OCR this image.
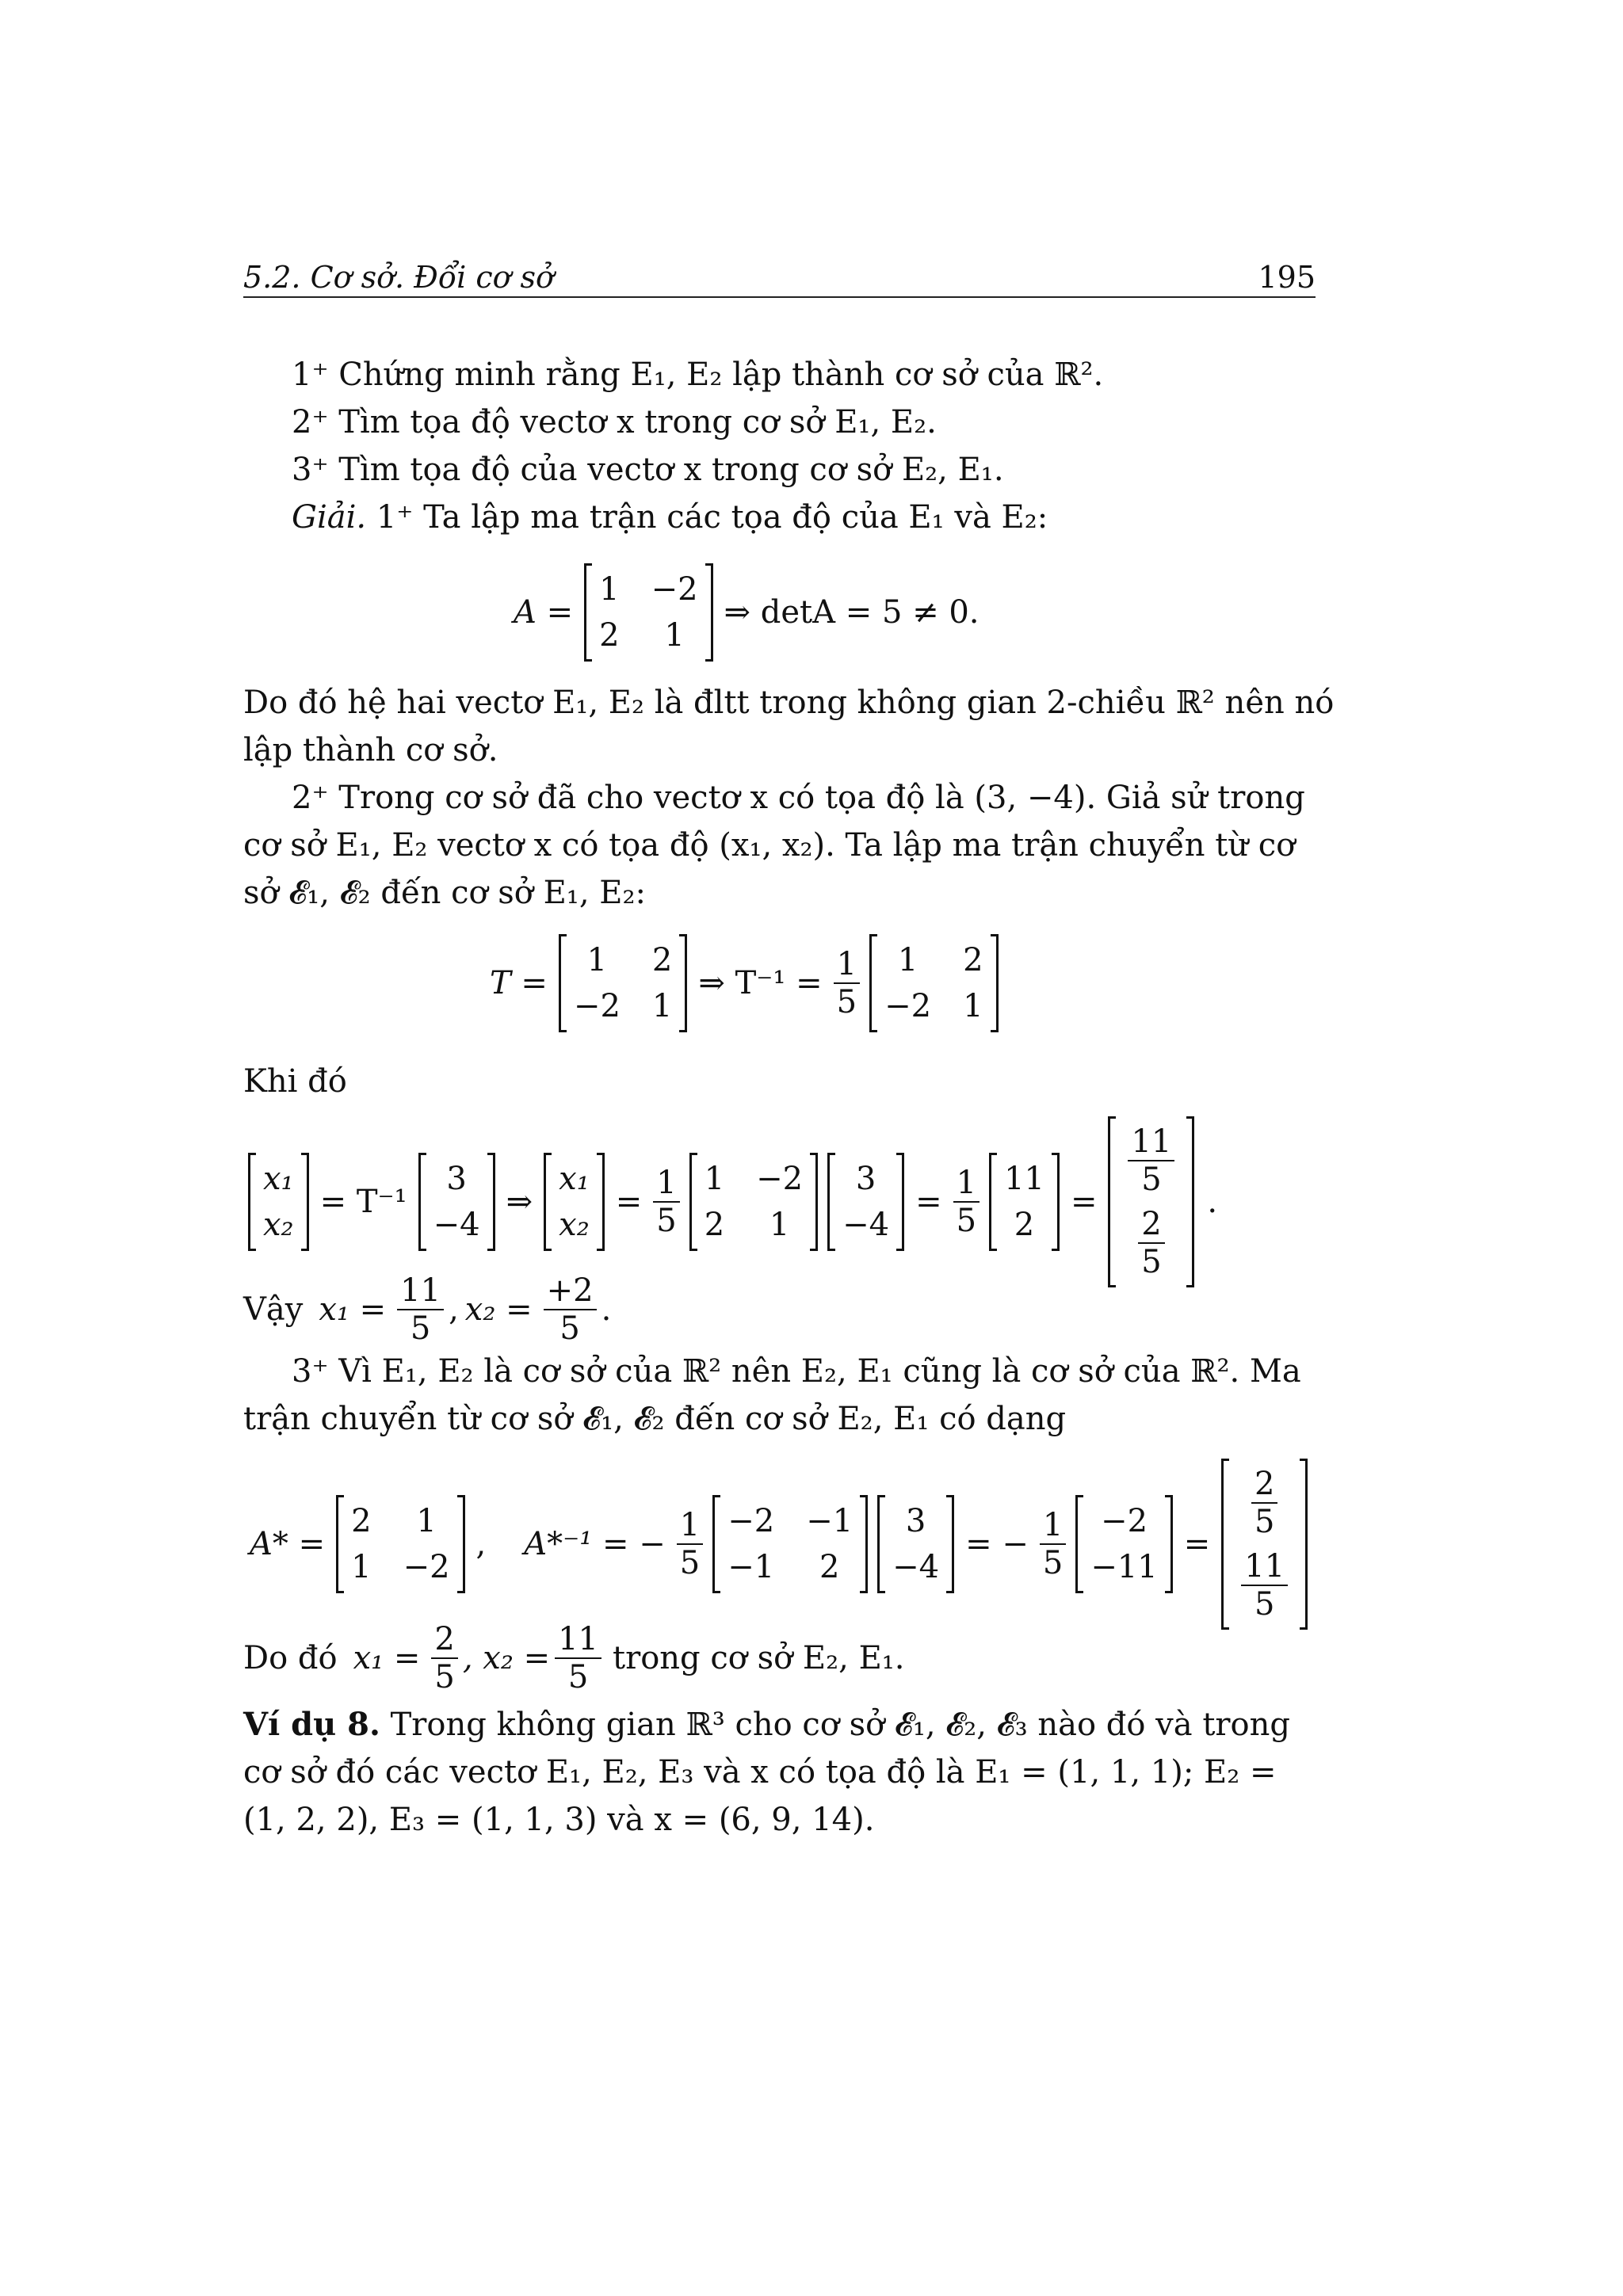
5.2. Cơ sở. Đổi cơ sở	195
1⁺ Chứng minh rằng E₁, E₂ lập thành cơ sở của ℝ².
2⁺ Tìm tọa độ vectơ x trong cơ sở E₁, E₂.
3⁺ Tìm tọa độ của vectơ x trong cơ sở E₂, E₁.
Giải. 1⁺ Ta lập ma trận các tọa độ của E₁ và E₂:
A =
1 −2
2	1
⇒ detA = 5 ≠ 0.
Do đó hệ hai vectơ E₁, E₂ là đltt trong không gian 2-chiều ℝ² nên nó
lập thành cơ sở.
2⁺ Trong cơ sở đã cho vectơ x có tọa độ là (3, −4). Giả sử trong
cơ sở E₁, E₂ vectơ x có tọa độ (x₁, x₂). Ta lập ma trận chuyển từ cơ
sở 𝓔₁, 𝓔₂ đến cơ sở E₁, E₂:
T =
1	2
−2 1
⇒ $T^{-1} = \frac{1}{5}$	1	2
−2 1
Khi đó
x₁
x₂
= T⁻¹
3
−4
⇒
x₁
x₂
= $\frac{1}{5} 1 -2$
2	1
3
−4
= $\frac{1}{5} 11$
2
=
$\frac{11}{5}$
$\frac{2}{5}$
.
Vậy $x_1 = \frac{11}{5}$ , $x_2 = \frac{+2}{5}$ .
3⁺ Vì E₁, E₂ là cơ sở của ℝ² nên E₂, E₁ cũng là cơ sở của ℝ². Ma
trận chuyển từ cơ sở 𝓔₁, 𝓔₂ đến cơ sở E₂, E₁ có dạng
A* =
2	1
1 −2
,	A*⁻¹ = − $\frac{1}{5} -2 -1$
−1	2
3
−4
= − $\frac{1}{5}$	−2
−11
=
$\frac{2}{5}$
$\frac{11}{5}$
Do đó $x_1 = \frac{2}{5}$ , $x_2 = \frac{11}{5}$ trong cơ sở E₂, E₁.
Ví dụ 8. Trong không gian ℝ³ cho cơ sở 𝓔₁, 𝓔₂, 𝓔₃ nào đó và trong
cơ sở đó các vectơ E₁, E₂, E₃ và x có tọa độ là E₁ = (1, 1, 1); E₂ =
(1, 2, 2), E₃ = (1, 1, 3) và x = (6, 9, 14).
